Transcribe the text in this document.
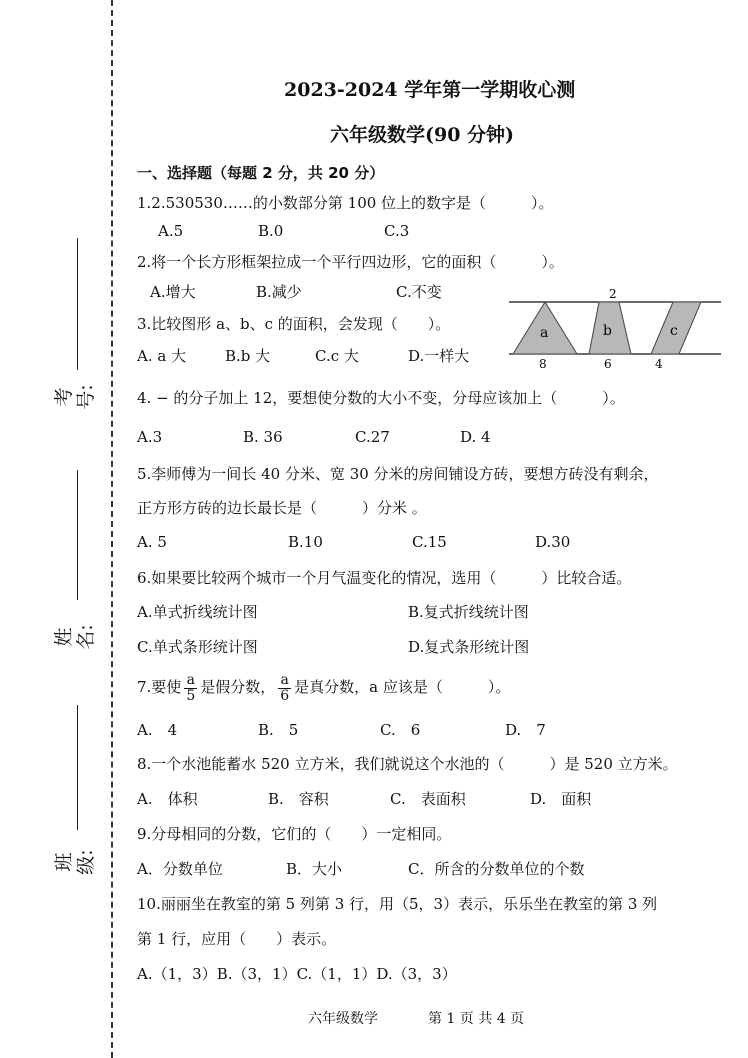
考号:
姓名:
班级:
2023-2024 学年第一学期收心测
六年级数学(90 分钟)
一、选择题（每题 2 分，共 20 分）
1.2.530530……的小数部分第 100 位上的数字是（　　　）。
A.5	B.0	C.3
2.将一个长方形框架拉成一个平行四边形，它的面积（　　　）。
A.增大	B.减少	C.不变
3.比较图形 a、b、c 的面积，会发现（　　）。
A. a 大	B.b 大	C.c 大	D.一样大
2
a	b	c
8	6	4
4. − 的分子加上 12，要想使分数的大小不变，分母应该加上（　　　）。
A.3	B. 36	C.27	D. 4
5.李师傅为一间长 40 分米、宽 30 分米的房间铺设方砖，要想方砖没有剩余，
正方形方砖的边长最长是（　　　）分米 。
A. 5	B.10	C.15	D.30
6.如果要比较两个城市一个月气温变化的情况，选用（　　　）比较合适。
A.单式折线统计图	B.复式折线统计图
C.单式条形统计图	D.复式条形统计图
7.要使 $\frac{a}{5}$ 是假分数， $\frac{a}{6}$ 是真分数，a 应该是（　　　）。
A.　4	B.　5	C.　6	D.　7
8.一个水池能蓄水 520 立方米，我们就说这个水池的（　　　）是 520 立方米。
A.　体积	B.　容积	C.　表面积	D.　面积
9.分母相同的分数，它们的（　　）一定相同。
A．分数单位	B．大小	C．所含的分数单位的个数
10.丽丽坐在教室的第 5 列第 3 行，用（5，3）表示，乐乐坐在教室的第 3 列
第 1 行，应用（　　）表示。
A.（1，3）B.（3，1）C.（1，1）D.（3，3）
六年级数学	第 1 页 共 4 页
